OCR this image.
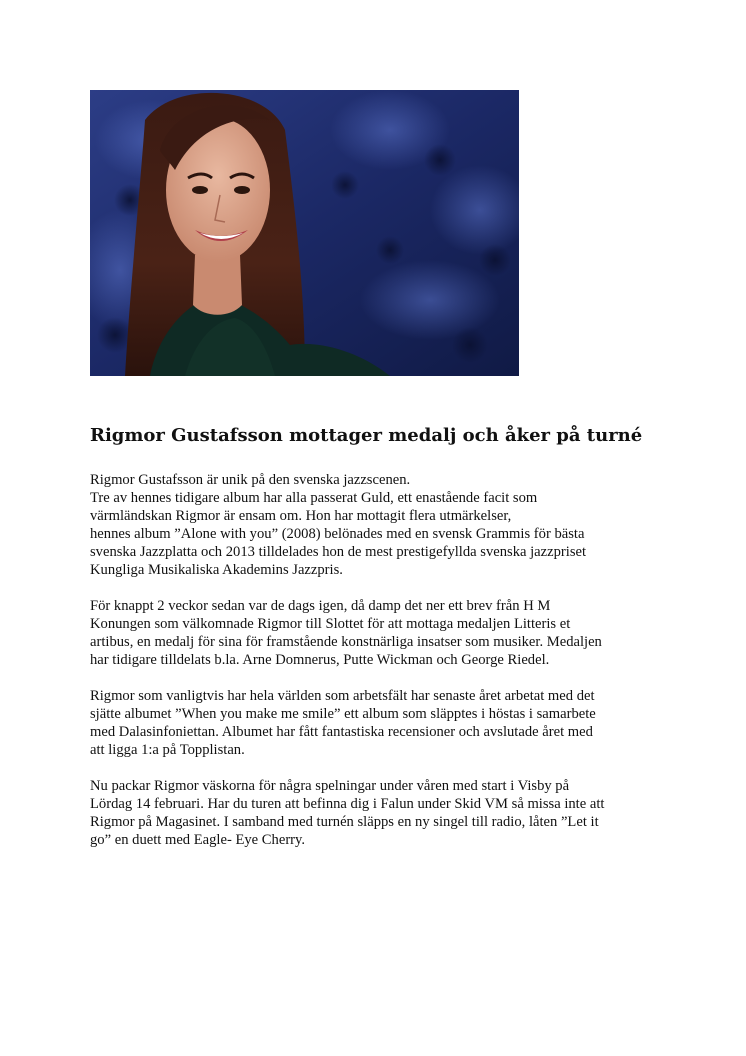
Rigmor Gustafsson mottager medalj och åker på turné

Rigmor Gustafsson är unik på den svenska jazzscenen.
Tre av hennes tidigare album har alla passerat Guld, ett enastående facit som
värmländskan Rigmor är ensam om. Hon har mottagit flera utmärkelser,
hennes album ”Alone with you” (2008) belönades med en svensk Grammis för bästa
svenska Jazzplatta och 2013 tilldelades hon de mest prestigefyllda svenska jazzpriset
Kungliga Musikaliska Akademins Jazzpris.

För knappt 2 veckor sedan var de dags igen, då damp det ner ett brev från H M
Konungen som välkomnade Rigmor till Slottet för att mottaga medaljen Litteris et
artibus, en medalj för sina för framstående konstnärliga insatser som musiker. Medaljen
har tidigare tilldelats b.la. Arne Domnerus, Putte Wickman och George Riedel.

Rigmor som vanligtvis har hela världen som arbetsfält har senaste året arbetat med det
sjätte albumet ”When you make me smile” ett album som släpptes i höstas i samarbete
med Dalasinfoniettan. Albumet har fått fantastiska recensioner och avslutade året med
att ligga 1:a på Topplistan.

Nu packar Rigmor väskorna för några spelningar under våren med start i Visby på
Lördag 14 februari. Har du turen att befinna dig i Falun under Skid VM så missa inte att
Rigmor på Magasinet. I samband med turnén släpps en ny singel till radio, låten ”Let it
go” en duett med Eagle- Eye Cherry.
